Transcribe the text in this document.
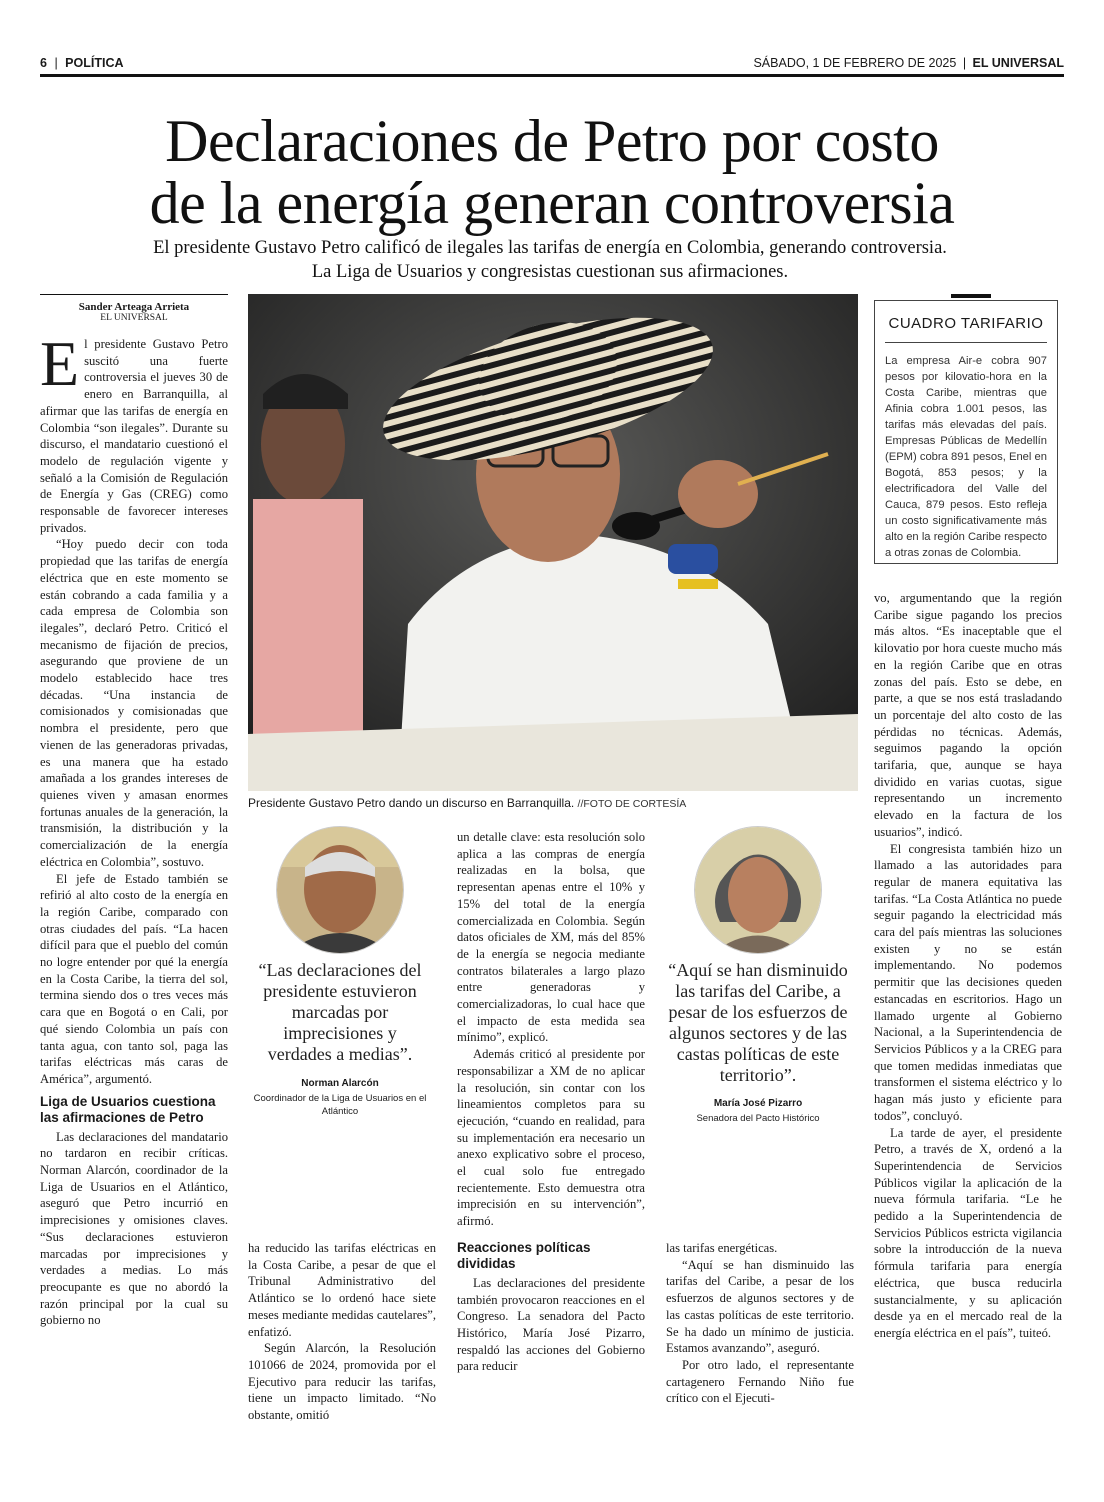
6 | POLÍTICA	SÁBADO, 1 DE FEBRERO DE 2025 | EL UNIVERSAL
Declaraciones de Petro por costo
de la energía generan controversia
El presidente Gustavo Petro calificó de ilegales las tarifas de energía en Colombia, generando controversia. La Liga de Usuarios y congresistas cuestionan sus afirmaciones.
Sander Arteaga Arrieta
EL UNIVERSAL

El presidente Gustavo Petro suscitó una fuerte controversia el jueves 30 de enero en Barranquilla, al afirmar que las tarifas de energía en Colombia “son ilegales”. Durante su discurso, el mandatario cuestionó el modelo de regulación vigente y señaló a la Comisión de Regulación de Energía y Gas (CREG) como responsable de favorecer intereses privados.

“Hoy puedo decir con toda propiedad que las tarifas de energía eléctrica que en este momento se están cobrando a cada familia y a cada empresa de Colombia son ilegales”, declaró Petro. Criticó el mecanismo de fijación de precios, asegurando que proviene de un modelo establecido hace tres décadas. “Una instancia de comisionados y comisionadas que nombra el presidente, pero que vienen de las generadoras privadas, es una manera que ha estado amañada a los grandes intereses de quienes viven y amasan enormes fortunas anuales de la generación, la transmisión, la distribución y la comercialización de la energía eléctrica en Colombia”, sostuvo.

El jefe de Estado también se refirió al alto costo de la energía en la región Caribe, comparado con otras ciudades del país. “La hacen difícil para que el pueblo del común no logre entender por qué la energía en la Costa Caribe, la tierra del sol, termina siendo dos o tres veces más cara que en Bogotá o en Cali, por qué siendo Colombia un país con tanta agua, con tanto sol, paga las tarifas eléctricas más caras de América”, argumentó.

Liga de Usuarios cuestiona las afirmaciones de Petro

Las declaraciones del mandatario no tardaron en recibir críticas. Norman Alarcón, coordinador de la Liga de Usuarios en el Atlántico, aseguró que Petro incurrió en imprecisiones y omisiones claves. “Sus declaraciones estuvieron marcadas por imprecisiones y verdades a medias. Lo más preocupante es que no abordó la razón principal por la cual su gobierno no

Presidente Gustavo Petro dando un discurso en Barranquilla. //FOTO DE CORTESÍA
CUADRO TARIFARIO
La empresa Air-e cobra 907 pesos por kilovatio-hora en la Costa Caribe, mientras que Afinia cobra 1.001 pesos, las tarifas más elevadas del país. Empresas Públicas de Medellín (EPM) cobra 891 pesos, Enel en Bogotá, 853 pesos; y la electrificadora del Valle del Cauca, 879 pesos. Esto refleja un costo significativamente más alto en la región Caribe respecto a otras zonas de Colombia.
“Las declaraciones del presidente estuvieron marcadas por imprecisiones y verdades a medias”.
Norman Alarcón
Coordinador de la Liga de Usuarios en el Atlántico
“Aquí se han disminuido las tarifas del Caribe, a pesar de los esfuerzos de algunos sectores y de las castas políticas de este territorio”.
María José Pizarro
Senadora del Pacto Histórico

ha reducido las tarifas eléctricas en la Costa Caribe, a pesar de que el Tribunal Administrativo del Atlántico se lo ordenó hace siete meses mediante medidas cautelares”, enfatizó.

Según Alarcón, la Resolución 101066 de 2024, promovida por el Ejecutivo para reducir las tarifas, tiene un impacto limitado. “No obstante, omitió

un detalle clave: esta resolución solo aplica a las compras de energía realizadas en la bolsa, que representan apenas entre el 10% y 15% del total de la energía comercializada en Colombia. Según datos oficiales de XM, más del 85% de la energía se negocia mediante contratos bilaterales a largo plazo entre generadoras y comercializadoras, lo cual hace que el impacto de esta medida sea mínimo”, explicó.

Además criticó al presidente por responsabilizar a XM de no aplicar la resolución, sin contar con los lineamientos completos para su ejecución, “cuando en realidad, para su implementación era necesario un anexo explicativo sobre el proceso, el cual solo fue entregado recientemente. Esto demuestra otra imprecisión en su intervención”, afirmó.

Reacciones políticas divididas

Las declaraciones del presidente también provocaron reacciones en el Congreso. La senadora del Pacto Histórico, María José Pizarro, respaldó las acciones del Gobierno para reducir

las tarifas energéticas.

“Aquí se han disminuido las tarifas del Caribe, a pesar de los esfuerzos de algunos sectores y de las castas políticas de este territorio. Se ha dado un mínimo de justicia. Estamos avanzando”, aseguró.

Por otro lado, el representante cartagenero Fernando Niño fue crítico con el Ejecuti-

vo, argumentando que la región Caribe sigue pagando los precios más altos. “Es inaceptable que el kilovatio por hora cueste mucho más en la región Caribe que en otras zonas del país. Esto se debe, en parte, a que se nos está trasladando un porcentaje del alto costo de las pérdidas no técnicas. Además, seguimos pagando la opción tarifaria, que, aunque se haya dividido en varias cuotas, sigue representando un incremento elevado en la factura de los usuarios”, indicó.

El congresista también hizo un llamado a las autoridades para regular de manera equitativa las tarifas. “La Costa Atlántica no puede seguir pagando la electricidad más cara del país mientras las soluciones existen y no se están implementando. No podemos permitir que las decisiones queden estancadas en escritorios. Hago un llamado urgente al Gobierno Nacional, a la Superintendencia de Servicios Públicos y a la CREG para que tomen medidas inmediatas que transformen el sistema eléctrico y lo hagan más justo y eficiente para todos”, concluyó.

La tarde de ayer, el presidente Petro, a través de X, ordenó a la Superintendencia de Servicios Públicos vigilar la aplicación de la nueva fórmula tarifaria. “Le he pedido a la Superintendencia de Servicios Públicos estricta vigilancia sobre la introducción de la nueva fórmula tarifaria para energía eléctrica, que busca reducirla sustancialmente, y su aplicación desde ya en el mercado real de la energía eléctrica en el país”, tuiteó.
